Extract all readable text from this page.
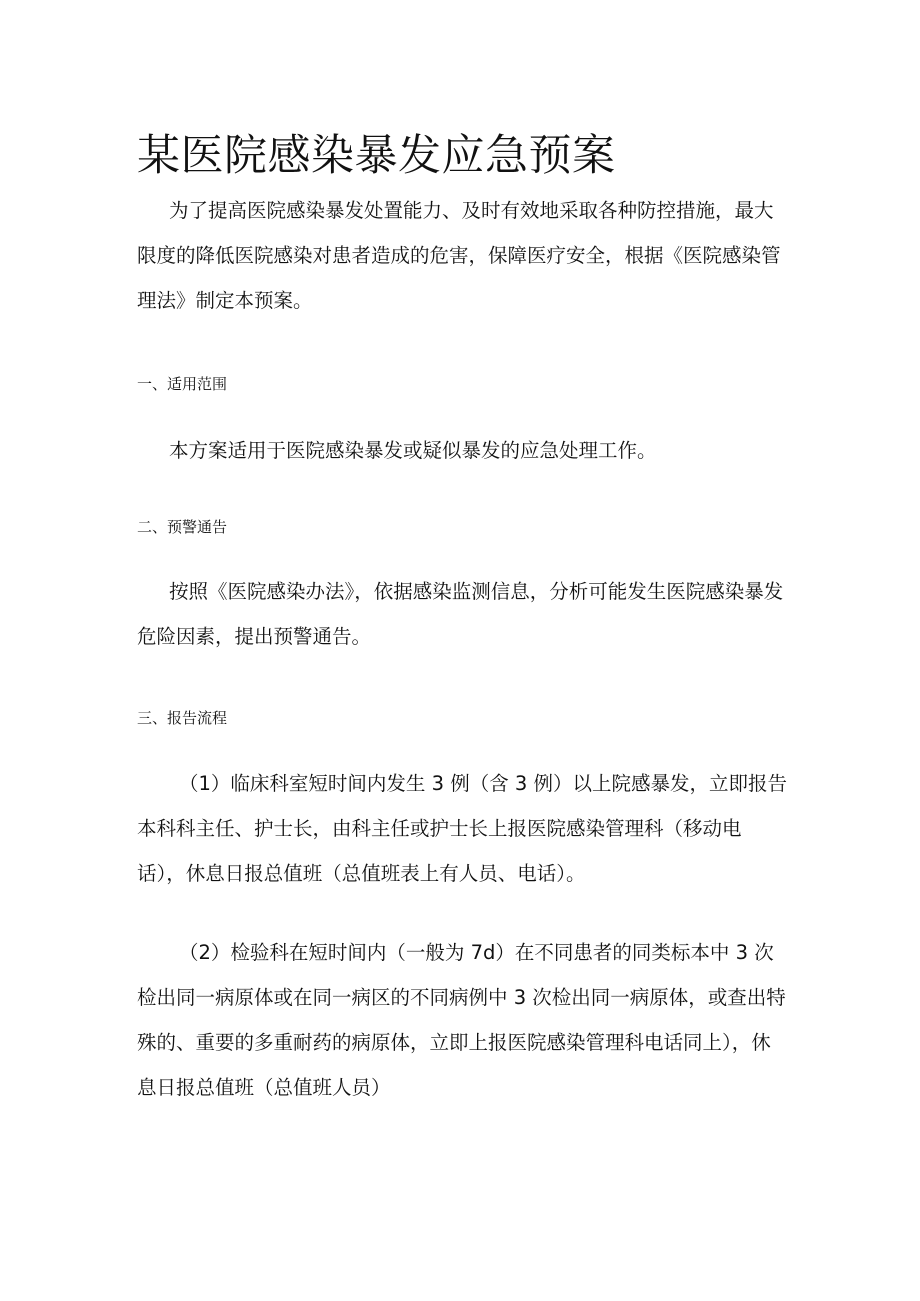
某医院感染暴发应急预案

为了提高医院感染暴发处置能力、及时有效地采取各种防控措施，最大限度的降低医院感染对患者造成的危害，保障医疗安全，根据《医院感染管理法》制定本预案。

一、适用范围

本方案适用于医院感染暴发或疑似暴发的应急处理工作。

二、预警通告

按照《医院感染办法》，依据感染监测信息，分析可能发生医院感染暴发危险因素，提出预警通告。

三、报告流程

（1）临床科室短时间内发生 3 例（含 3 例）以上院感暴发，立即报告本科科主任、护士长，由科主任或护士长上报医院感染管理科（移动电话），休息日报总值班（总值班表上有人员、电话）。

（2）检验科在短时间内（一般为 7d）在不同患者的同类标本中 3 次检出同一病原体或在同一病区的不同病例中 3 次检出同一病原体，或查出特殊的、重要的多重耐药的病原体，立即上报医院感染管理科电话同上），休息日报总值班（总值班人员）
